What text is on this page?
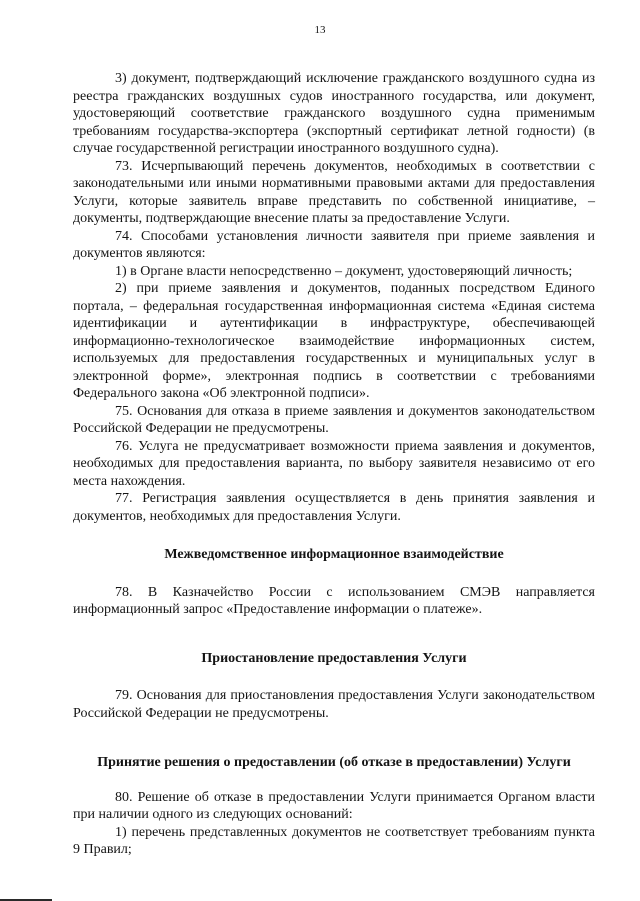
13

3) документ, подтверждающий исключение гражданского воздушного судна из реестра гражданских воздушных судов иностранного государства, или документ, удостоверяющий соответствие гражданского воздушного судна применимым требованиям государства-экспортера (экспортный сертификат летной годности) (в случае государственной регистрации иностранного воздушного судна).

73. Исчерпывающий перечень документов, необходимых в соответствии с законодательными или иными нормативными правовыми актами для предоставления Услуги, которые заявитель вправе представить по собственной инициативе, – документы, подтверждающие внесение платы за предоставление Услуги.

74. Способами установления личности заявителя при приеме заявления и документов являются:

1) в Органе власти непосредственно – документ, удостоверяющий личность;

2) при приеме заявления и документов, поданных посредством Единого портала, – федеральная государственная информационная система «Единая система идентификации и аутентификации в инфраструктуре, обеспечивающей информационно-технологическое взаимодействие информационных систем, используемых для предоставления государственных и муниципальных услуг в электронной форме», электронная подпись в соответствии с требованиями Федерального закона «Об электронной подписи».

75. Основания для отказа в приеме заявления и документов законодательством Российской Федерации не предусмотрены.

76. Услуга не предусматривает возможности приема заявления и документов, необходимых для предоставления варианта, по выбору заявителя независимо от его места нахождения.

77. Регистрация заявления осуществляется в день принятия заявления и документов, необходимых для предоставления Услуги.

Межведомственное информационное взаимодействие

78. В Казначейство России с использованием СМЭВ направляется информационный запрос «Предоставление информации о платеже».

Приостановление предоставления Услуги

79. Основания для приостановления предоставления Услуги законодательством Российской Федерации не предусмотрены.

Принятие решения о предоставлении (об отказе в предоставлении) Услуги

80. Решение об отказе в предоставлении Услуги принимается Органом власти при наличии одного из следующих оснований:

1) перечень представленных документов не соответствует требованиям пункта 9 Правил;
